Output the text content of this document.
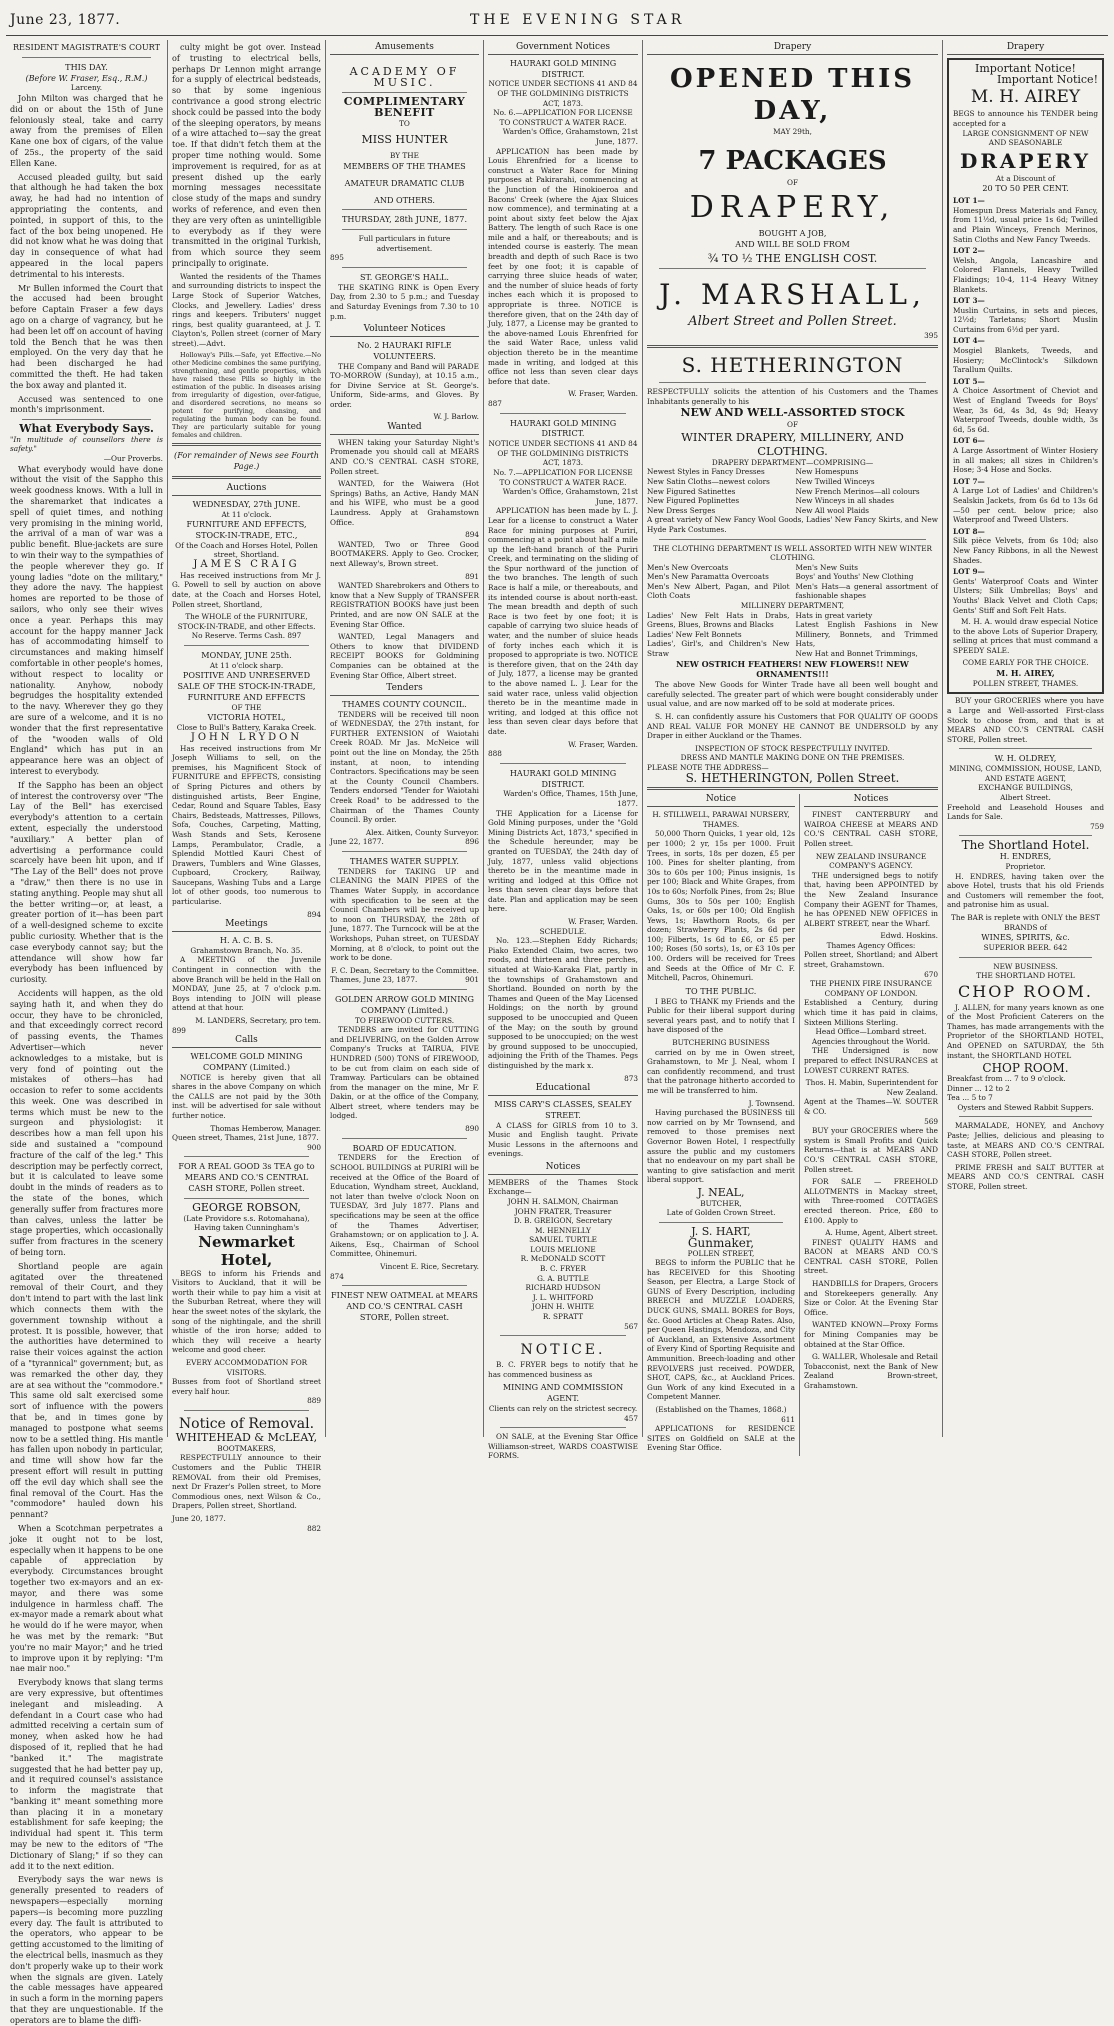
June 23, 1877.	THE EVENING STAR
RESIDENT MAGISTRATE'S COURT
THIS DAY.
(Before W. Fraser, Esq., R.M.)
Larceny.

John Milton was charged that he did on or about the 15th of June feloniously steal, take and carry away from the premises of Ellen Kane one box of cigars, of the value of 25s., the property of the said Ellen Kane.

Accused pleaded guilty, but said that although he had taken the box away, he had had no intention of appropriating the contents, and pointed, in support of this, to the fact of the box being unopened. He did not know what he was doing that day in consequence of what had appeared in the local papers detrimental to his interests.

Mr Bullen informed the Court that the accused had been brought before Captain Fraser a few days ago on a charge of vagrancy, but he had been let off on account of having told the Bench that he was then employed. On the very day that he had been discharged he had committed the theft. He had taken the box away and planted it.

Accused was sentenced to one month's imprisonment.

What Everybody Says.
"In multitude of counsellors there is safety."
—Our Proverbs.

What everybody would have done without the visit of the Sappho this week goodness knows. With a lull in the sharemarket that indicates a spell of quiet times, and nothing very promising in the mining world, the arrival of a man of war was a public benefit. Blue-jackets are sure to win their way to the sympathies of the people wherever they go. If young ladies "dote on the military," they adore the navy. The happiest homes are reported to be those of sailors, who only see their wives once a year. Perhaps this may account for the happy manner Jack has of accommodating himself to circumstances and making himself comfortable in other people's homes, without respect to locality or nationality. Anyhow, nobody begrudges the hospitality extended to the navy. Wherever they go they are sure of a welcome, and it is no wonder that the first representative of the "wooden walls of Old England" which has put in an appearance here was an object of interest to everybody.

If the Sappho has been an object of interest the controversy over "The Lay of the Bell" has exercised everybody's attention to a certain extent, especially the understood "auxiliary." A better plan of advertising a performance could scarcely have been hit upon, and if "The Lay of the Bell" does not prove a "draw," then there is no use in stating anything. People may shut all the better writing—or, at least, a greater portion of it—has been part of a well-designed scheme to excite public curiosity. Whether that is the case everybody cannot say; but the attendance will show how far everybody has been influenced by curiosity.

Accidents will happen, as the old saying hath it, and when they do occur, they have to be chronicled, and that exceedingly correct record of passing events, the Thames Advertiser—which never acknowledges to a mistake, but is very fond of pointing out the mistakes of others—has had occasion to refer to some accidents this week. One was described in terms which must be new to the surgeon and physiologist: it describes how a man fell upon his side and sustained a "compound fracture of the calf of the leg." This description may be perfectly correct, but it is calculated to leave some doubt in the minds of readers as to the state of the bones, which generally suffer from fractures more than calves, unless the latter be stage properties, which occasionally suffer from fractures in the scenery of being torn.

Shortland people are again agitated over the threatened removal of their Court, and they don't intend to part with the last link which connects them with the government township without a protest. It is possible, however, that the authorities have determined to raise their voices against the action of a "tyrannical" government; but, as was remarked the other day, they are at sea without the "commodore." This same old salt exercised some sort of influence with the powers that be, and in times gone by managed to postpone what seems now to be a settled thing. His mantle has fallen upon nobody in particular, and time will show how far the present effort will result in putting off the evil day which shall see the final removal of the Court. Has the "commodore" hauled down his pennant?

When a Scotchman perpetrates a joke it ought not to be lost, especially when it happens to be one capable of appreciation by everybody. Circumstances brought together two ex-mayors and an ex-mayor, and there was some indulgence in harmless chaff. The ex-mayor made a remark about what he would do if he were mayor, when he was met by the remark: "But you're no mair Mayor;" and he tried to improve upon it by replying: "I'm nae mair noo."

Everybody knows that slang terms are very expressive, but oftentimes inelegant and misleading. A defendant in a Court case who had admitted receiving a certain sum of money, when asked how he had disposed of it, replied that he had "banked it." The magistrate suggested that he had better pay up, and it required counsel's assistance to inform the magistrate that "banking it" meant something more than placing it in a monetary establishment for safe keeping; the individual had spent it. This term may be new to the editors of "The Dictionary of Slang;" if so they can add it to the next edition.

Everybody says the war news is generally presented to readers of newspapers—especially morning papers—is becoming more puzzling every day. The fault is attributed to the operators, who appear to be getting accustomed to the limiting of the electrical bells, inasmuch as they don't properly wake up to their work when the signals are given. Lately the cable messages have appeared in such a form in the morning papers that they are unquestionable. If the operators are to blame the diffi-

culty might be got over. Instead of trusting to electrical bells, perhaps Dr Lennon might arrange for a supply of electrical bedsteads, so that by some ingenious contrivance a good strong electric shock could be passed into the body of the sleeping operators, by means of a wire attached to—say the great toe. If that didn't fetch them at the proper time nothing would. Some improvement is required, for as at present dished up the early morning messages necessitate close study of the maps and sundry works of reference, and even then they are very often as unintelligible to everybody as if they were transmitted in the original Turkish, from which source they seem principally to originate.

Wanted the residents of the Thames and surrounding districts to inspect the Large Stock of Superior Watches, Clocks, and Jewellery. Ladies' dress rings and keepers. Tributers' nugget rings, best quality guaranteed, at J. T. Clayton's, Pollen street (corner of Mary street).—Advt.

Holloway's Pills.—Safe, yet Effective.—No other Medicine combines the same purifying, strengthening, and gentle properties, which have raised these Pills so highly in the estimation of the public. In diseases arising from irregularity of digestion, over-fatigue, and disordered secretions, no means so potent for purifying, cleansing, and regulating the human body can be found. They are particularly suitable for young females and children.

(For remainder of News see Fourth Page.)
Auctions
WEDNESDAY, 27th JUNE.
At 11 o'clock.
FURNITURE AND EFFECTS, STOCK-IN-TRADE, ETC.,
Of the Coach and Horses Hotel, Pollen street, Shortland.
JAMES CRAIG

Has received instructions from Mr J. G. Powell to sell by auction on above date, at the Coach and Horses Hotel, Pollen street, Shortland,

The WHOLE of the FURNITURE, STOCK-IN-TRADE, and other Effects.
No Reserve. Terms Cash. 897
MONDAY, JUNE 25th.
At 11 o'clock sharp.
POSITIVE AND UNRESERVED SALE OF THE STOCK-IN-TRADE, FURNITURE AND EFFECTS
OF THE
VICTORIA HOTEL,
Close to Bull's Battery, Karaka Creek.
JOHN LRYDON

Has received instructions from Mr Joseph Williams to sell, on the premises, his Magnificent Stock of FURNITURE and EFFECTS, consisting of Spring Pictures and others by distinguished artists, Beer Engine, Cedar, Round and Square Tables, Easy Chairs, Bedsteads, Mattresses, Pillows, Sofa, Couches, Carpeting, Matting, Wash Stands and Sets, Kerosene Lamps, Perambulator, Cradle, a Splendid Mottled Kauri Chest of Drawers, Tumblers and Wine Glasses, Cupboard, Crockery, Railway, Saucepans, Washing Tubs and a Large lot of other goods, too numerous to particularise.

894
Meetings
H. A. C. B. S.
Grahamstown Branch, No. 35.

A MEETING of the Juvenile Contingent in connection with the above Branch will be held in the Hall on MONDAY, June 25, at 7 o'clock p.m. Boys intending to JOIN will please attend at that hour.

M. LANDERS, Secretary, pro tem.
899
Calls
WELCOME GOLD MINING COMPANY (Limited.)

NOTICE is hereby given that all shares in the above Company on which the CALLS are not paid by the 30th inst. will be advertised for sale without further notice.

Thomas Hemberow, Manager.
Queen street, Thames, 21st June, 1877.
900
FOR A REAL GOOD 3s TEA go to MEARS AND CO.'S CENTRAL CASH STORE, Pollen street.
GEORGE ROBSON,
(Late Providore s.s. Rotomahana),
Having taken Cunningham's
Newmarket Hotel,

BEGS to inform his Friends and Visitors to Auckland, that it will be worth their while to pay him a visit at the Suburban Retreat, where they will hear the sweet notes of the skylark, the song of the nightingale, and the shrill whistle of the iron horse; added to which they will receive a hearty welcome and good cheer.

EVERY ACCOMMODATION FOR VISITORS.
Busses from foot of Shortland street every half hour.
889
Notice of Removal.
WHITEHEAD & McLEAY,
BOOTMAKERS,

RESPECTFULLY announce to their Customers and the Public THEIR REMOVAL from their old Premises, next Dr Frazer's Pollen street, to More Commodious ones, next Wilson & Co., Drapers, Pollen street, Shortland.

June 20, 1877.
882
Amusements
ACADEMY OF MUSIC.
COMPLIMENTARY BENEFIT
TO
MISS HUNTER
BY THE
MEMBERS OF THE THAMES
AMATEUR DRAMATIC CLUB
AND OTHERS.
THURSDAY, 28th JUNE, 1877.
Full particulars in future advertisement.
895
ST. GEORGE'S HALL.

THE SKATING RINK is Open Every Day, from 2.30 to 5 p.m.; and Tuesday and Saturday Evenings from 7.30 to 10 p.m.

Volunteer Notices
No. 2 HAURAKI RIFLE VOLUNTEERS.

THE Company and Band will PARADE TO-MORROW (Sunday), at 10.15 a.m., for Divine Service at St. George's. Uniform, Side-arms, and Gloves. By order.

W. J. Barlow.
Wanted

WHEN taking your Saturday Night's Promenade you should call at MEARS AND CO.'S CENTRAL CASH STORE, Pollen street.

WANTED, for the Waiwera (Hot Springs) Baths, an Active, Handy MAN and his WIFE, who must be a good Laundress. Apply at Grahamstown Office.

894

WANTED, Two or Three Good BOOTMAKERS. Apply to Geo. Crocker, next Alleway's, Brown street.

891

WANTED Sharebrokers and Others to know that a New Supply of TRANSFER REGISTRATION BOOKS have just been Printed, and are now ON SALE at the Evening Star Office.

WANTED, Legal Managers and Others to know that DIVIDEND RECEIPT BOOKS for Goldmining Companies can be obtained at the Evening Star Office, Albert street.

Tenders
THAMES COUNTY COUNCIL.

TENDERS will be received till noon of WEDNESDAY, the 27th instant, for FURTHER EXTENSION of Waiotahi Creek ROAD. Mr Jas. McNeice will point out the line on Monday, the 25th instant, at noon, to intending Contractors. Specifications may be seen at the County Council Chambers. Tenders endorsed "Tender for Waiotahi Creek Road" to be addressed to the Chairman of the Thames County Council. By order.

Alex. Aitken, County Surveyor.
June 22, 1877.	896
THAMES WATER SUPPLY.

TENDERS for TAKING UP and CLEANING the MAIN PIPES of the Thames Water Supply, in accordance with specification to be seen at the Council Chambers will be received up to noon on THURSDAY, the 28th of June, 1877. The Turncock will be at the Workshops, Puhan street, on TUESDAY Morning, at 8 o'clock, to point out the work to be done.

F. C. Dean, Secretary to the Committee.
Thames, June 23, 1877.	901
GOLDEN ARROW GOLD MINING COMPANY (Limited.)
TO FIREWOOD CUTTERS.

TENDERS are invited for CUTTING and DELIVERING, on the Golden Arrow Company's Trucks at TAIRUA, FIVE HUNDRED (500) TONS of FIREWOOD, to be cut from claim on each side of Tramway. Particulars can be obtained from the manager on the mine, Mr F. Dakin, or at the office of the Company, Albert street, where tenders may be lodged.

890
BOARD OF EDUCATION.

TENDERS for the Erection of SCHOOL BUILDINGS at PURIRI will be received at the Office of the Board of Education, Wyndham street, Auckland, not later than twelve o'clock Noon on TUESDAY, 3rd July 1877. Plans and specifications may be seen at the office of the Thames Advertiser, Grahamstown; or on application to J. A. Aikens, Esq., Chairman of School Committee, Ohinemuri.

Vincent E. Rice, Secretary.
874
FINEST NEW OATMEAL at MEARS AND CO.'S CENTRAL CASH STORE, Pollen street.
Government Notices
HAURAKI GOLD MINING DISTRICT.
NOTICE UNDER SECTIONS 41 AND 84 OF THE GOLDMINING DISTRICTS ACT, 1873.
No. 6.—APPLICATION FOR LICENSE TO CONSTRUCT A WATER RACE.
Warden's Office, Grahamstown, 21st June, 1877.

APPLICATION has been made by Louis Ehrenfried for a license to construct a Water Race for Mining purposes at Pakirarahi, commencing at the Junction of the Hinokioeroa and Bacons' Creek (where the Ajax Sluices now commence), and terminating at a point about sixty feet below the Ajax Battery. The length of such Race is one mile and a half, or thereabouts; and is intended course is easterly. The mean breadth and depth of such Race is two feet by one foot; it is capable of carrying three sluice heads of water, and the number of sluice heads of forty inches each which it is proposed to appropriate is three. NOTICE is therefore given, that on the 24th day of July, 1877, a License may be granted to the above-named Louis Ehrenfried for the said Water Race, unless valid objection thereto be in the meantime made in writing, and lodged at this office not less than seven clear days before that date.

W. Fraser, Warden.
887
HAURAKI GOLD MINING DISTRICT.
NOTICE UNDER SECTIONS 41 AND 84 OF THE GOLDMINING DISTRICTS ACT, 1873.
No. 7.—APPLICATION FOR LICENSE TO CONSTRUCT A WATER RACE.
Warden's Office, Grahamstown, 21st June, 1877.

APPLICATION has been made by L. J. Lear for a license to construct a Water Race for mining purposes at Puriri, commencing at a point about half a mile up the left-hand branch of the Puriri Creek, and terminating on the sliding of the Spur northward of the junction of the two branches. The length of such Race is half a mile, or thereabouts, and its intended course is about north-east. The mean breadth and depth of such Race is two feet by one foot; it is capable of carrying two sluice heads of water, and the number of sluice heads of forty inches each which it is proposed to appropriate is two. NOTICE is therefore given, that on the 24th day of July, 1877, a license may be granted to the above named L. J. Lear for the said water race, unless valid objection thereto be in the meantime made in writing, and lodged at this office not less than seven clear days before that date.

W. Fraser, Warden.
888
HAURAKI GOLD MINING DISTRICT.
Warden's Office, Thames, 15th June, 1877.

THE Application for a License for Gold Mining purposes, under the "Gold Mining Districts Act, 1873," specified in the Schedule hereunder, may be granted on TUESDAY, the 24th day of July, 1877, unless valid objections thereto be in the meantime made in writing and lodged at this Office not less than seven clear days before that date. Plan and application may be seen here.

W. Fraser, Warden.
SCHEDULE.

No. 123.—Stephen Eddy Richards; Piako Extended Claim, two acres, two roods, and thirteen and three perches, situated at Waio-Karaka Flat, partly in the townships of Grahamstown and Shortland. Bounded on north by the Thames and Queen of the May Licensed Holdings; on the north by ground supposed to be unoccupied and Queen of the May; on the south by ground supposed to be unoccupied; on the west by ground supposed to be unoccupied, adjoining the Frith of the Thames. Pegs distinguished by the mark x.

873
Educational
MISS CARY'S CLASSES, SEALEY STREET.

A CLASS for GIRLS from 10 to 3. Music and English taught. Private Music Lessons in the afternoons and evenings.

Notices
MEMBERS of the Thames Stock Exchange—
JOHN H. SALMON, Chairman
JOHN FRATER, Treasurer
D. B. GREIGON, Secretary
M. HENNELLY
SAMUEL TURTLE
LOUIS MELIONE
R. McDONALD SCOTT
B. C. FRYER
G. A. BUTTLE
RICHARD HUDSON
J. L. WHITFORD
JOHN H. WHITE
R. SPRATT
567
NOTICE.

B. C. FRYER begs to notify that he has commenced business as

MINING AND COMMISSION AGENT.
Clients can rely on the strictest secrecy.
457

ON SALE, at the Evening Star Office Williamson-street, WARDS COASTWISE FORMS.

Drapery
OPENED THIS DAY,
MAY 29th,
7 PACKAGES
OF
DRAPERY,
BOUGHT A JOB,
AND WILL BE SOLD FROM
¾ TO ½ THE ENGLISH COST.
J. MARSHALL,
Albert Street and Pollen Street.
395
S. HETHERINGTON
RESPECTFULLY solicits the attention of his Customers and the Thames Inhabitants generally to his
NEW AND WELL-ASSORTED STOCK
OF
WINTER DRAPERY, MILLINERY, AND CLOTHING.
DRAPERY DEPARTMENT—COMPRISING—
Newest Styles in Fancy Dresses
New Satin Cloths—newest colors
New Figured Satinettes
New Figured Poplinettes
New Dress Serges
New Homespuns
New Twilled Winceys
New French Merinos—all colours
New Winceys in all shades
New All wool Plaids
A great variety of New Fancy Wool Goods, Ladies' New Fancy Skirts, and New Hyde Park Costumes.
THE CLOTHING DEPARTMENT IS WELL ASSORTED WITH NEW WINTER CLOTHING.
Men's New Overcoats
Men's New Paramatta Overcoats
Men's New Albert, Pagan, and Pilot Cloth Coats
Men's New Suits
Boys' and Youths' New Clothing
Men's Hats—a general assortment of fashionable shapes
MILLINERY DEPARTMENT,
Ladies' New Felt Hats in Drabs, Greens, Blues, Browns and Blacks
Ladies' New Felt Bonnets
Ladies', Girl's, and Children's New Straw
Hats in great variety
Latest English Fashions in New Millinery, Bonnets, and Trimmed Hats,
New Hat and Bonnet Trimmings,
NEW OSTRICH FEATHERS! NEW FLOWERS!! NEW ORNAMENTS!!!

The above New Goods for Winter Trade have all been well bought and carefully selected. The greater part of which were bought considerably under usual value, and are now marked off to be sold at moderate prices.

S. H. can confidently assure his Customers that FOR QUALITY OF GOODS AND REAL VALUE FOR MONEY HE CANNOT BE UNDERSOLD by any Draper in either Auckland or the Thames.

INSPECTION OF STOCK RESPECTFULLY INVITED.
DRESS AND MANTLE MAKING DONE ON THE PREMISES.
PLEASE NOTE THE ADDRESS—
S. HETHERINGTON, Pollen Street.
Notice
H. STILLWELL, PARAWAI NURSERY, THAMES.

50,000 Thorn Quicks, 1 year old, 12s per 1000; 2 yr, 15s per 1000. Fruit Trees, in sorts, 18s per dozen, £5 per 100. Pines for shelter planting, from 30s to 60s per 100; Pinus insignis, 1s per 100; Black and White Grapes, from 10s to 60s; Norfolk Pines, from 2s; Blue Gums, 30s to 50s per 100; English Oaks, 1s, or 60s per 100; Old English Yews, 1s; Hawthorn Roots, 6s per dozen; Strawberry Plants, 2s 6d per 100; Filberts, 1s 6d to £6, or £5 per 100; Roses (50 sorts), 1s, or £3 10s per 100. Orders will be received for Trees and Seeds at the Office of Mr C. F. Mitchell, Pacros, Ohinemuri.

TO THE PUBLIC.

I BEG to THANK my Friends and the Public for their liberal support during several years past, and to notify that I have disposed of the

BUTCHERING BUSINESS

carried on by me in Owen street, Grahamstown, to Mr J. Neal, whom I can confidently recommend, and trust that the patronage hitherto accorded to me will be transferred to him.

J. Townsend.

Having purchased the BUSINESS till now carried on by Mr Townsend, and removed to those premises next Governor Bowen Hotel, I respectfully assure the public and my customers that no endeavour on my part shall be wanting to give satisfaction and merit liberal support.

J. NEAL,
BUTCHER,
Late of Golden Crown Street.
J. S. HART,
Gunmaker,
POLLEN STREET,

BEGS to inform the PUBLIC that he has RECEIVED for this Shooting Season, per Electra, a Large Stock of GUNS of Every Description, including BREECH and MUZZLE LOADERS, DUCK GUNS, SMALL BORES for Boys, &c. Good Articles at Cheap Rates. Also, per Queen Hastings, Mendoza, and City of Auckland, an Extensive Assortment of Every Kind of Sporting Requisite and Ammunition. Breech-loading and other REVOLVERS just received. POWDER, SHOT, CAPS, &c., at Auckland Prices. Gun Work of any kind Executed in a Competent Manner.

(Established on the Thames, 1868.)
611

APPLICATIONS for RESIDENCE SITES on Goldfield on SALE at the Evening Star Office.

Notices

FINEST CANTERBURY and WAIROA CHEESE at MEARS AND CO.'S CENTRAL CASH STORE, Pollen street.

NEW ZEALAND INSURANCE COMPANY'S AGENCY.

THE undersigned begs to notify that, having been APPOINTED by the New Zealand Insurance Company their AGENT for Thames, he has OPENED NEW OFFICES in ALBERT STREET, near the Wharf.

Edwd. Hoskins.
Thames Agency Offices:
Pollen street, Shortland; and Albert street, Grahamstown.
670
THE PHENIX FIRE INSURANCE COMPANY OF LONDON.
Established a Century, during which time it has paid in claims, Sixteen Millions Sterling.
Head Office—Lombard street.
Agencies throughout the World.

THE Undersigned is now prepared to effect INSURANCES at LOWEST CURRENT RATES.

Thos. H. Mabin, Superintendent for New Zealand.
Agent at the Thames—W. SOUTER & CO.
569

BUY your GROCERIES where the system is Small Profits and Quick Returns—that is at MEARS AND CO.'S CENTRAL CASH STORE, Pollen street.

FOR SALE — FREEHOLD ALLOTMENTS in Mackay street, with Three-roomed COTTAGES erected thereon. Price, £80 to £100. Apply to

A. Hume, Agent, Albert street.

FINEST QUALITY HAMS and BACON at MEARS AND CO.'S CENTRAL CASH STORE, Pollen street.

HANDBILLS for Drapers, Grocers and Storekeepers generally. Any Size or Color. At the Evening Star Office.

WANTED KNOWN—Proxy Forms for Mining Companies may be obtained at the Star Office.

G. WALLER, Wholesale and Retail Tobacconist, next the Bank of New Zealand Brown-street, Grahamstown.

Drapery
Important Notice!
Important Notice!
M. H. AIREY
BEGS to announce his TENDER being accepted for a
LARGE CONSIGNMENT OF NEW AND SEASONABLE
DRAPERY
At a Discount of
20 TO 50 PER CENT.
LOT 1—
Homespun Dress Materials and Fancy, from 11½d, usual price 1s 6d; Twilled and Plain Winceys, French Merinos, Satin Cloths and New Fancy Tweeds.
LOT 2—
Welsh, Angola, Lancashire and Colored Flannels, Heavy Twilled Flaidings; 10-4, 11-4 Heavy Witney Blankets.
LOT 3—
Muslin Curtains, in sets and pieces, 12½d; Tarletans; Short Muslin Curtains from 6½d per yard.
LOT 4—
Mosgiel Blankets, Tweeds, and Hosiery; McClintock's Silkdown Tarallum Quilts.
LOT 5—
A Choice Assortment of Cheviot and West of England Tweeds for Boys' Wear, 3s 6d, 4s 3d, 4s 9d; Heavy Waterproof Tweeds, double width, 3s 6d, 5s 6d.
LOT 6—
A Large Assortment of Winter Hosiery in all makes; all sizes in Children's Hose; 3-4 Hose and Socks.
LOT 7—
A Large Lot of Ladies' and Children's Sealskin Jackets, from 6s 6d to 13s 6d—50 per cent. below price; also Waterproof and Tweed Ulsters.
LOT 8—
Silk pièce Velvets, from 6s 10d; also New Fancy Ribbons, in all the Newest Shades.
LOT 9—
Gents' Waterproof Coats and Winter Ulsters; Silk Umbrellas; Boys' and Youths' Black Velvet and Cloth Caps; Gents' Stiff and Soft Felt Hats.

M. H. A. would draw especial Notice to the above Lots of Superior Drapery, selling at prices that must command a SPEEDY SALE.

COME EARLY FOR THE CHOICE.
M. H. AIREY,
POLLEN STREET, THAMES.

BUY your GROCERIES where you have a Large and Well-assorted First-class Stock to choose from, and that is at MEARS AND CO.'S CENTRAL CASH STORE, Pollen street.

W. H. OLDREY,
MINING, COMMISSION, HOUSE, LAND, AND ESTATE AGENT,
EXCHANGE BUILDINGS,
Albert Street.
Freehold and Leasehold Houses and Lands for Sale.
759
The Shortland Hotel.
H. ENDRES,
Proprietor.

H. ENDRES, having taken over the above Hotel, trusts that his old Friends and Customers will remember the foot, and patronise him as usual.

The BAR is replete with ONLY the BEST BRANDS of
WINES, SPIRITS, &c.
SUPERIOR BEER. 642
NEW BUSINESS.
THE SHORTLAND HOTEL
CHOP ROOM.

J. ALLEN, for many years known as one of the Most Proficient Caterers on the Thames, has made arrangements with the Proprietor of the SHORTLAND HOTEL, And OPENED on SATURDAY, the 5th instant, the SHORTLAND HOTEL

CHOP ROOM.
Breakfast from ... 7 to 9 o'clock.
Dinner ... 12 to 2
Tea ... 5 to 7
Oysters and Stewed Rabbit Suppers.

MARMALADE, HONEY, and Anchovy Paste; Jellies, delicious and pleasing to taste, at MEARS AND CO.'S CENTRAL CASH STORE, Pollen street.

PRIME FRESH and SALT BUTTER at MEARS AND CO.'S CENTRAL CASH STORE, Pollen street.
